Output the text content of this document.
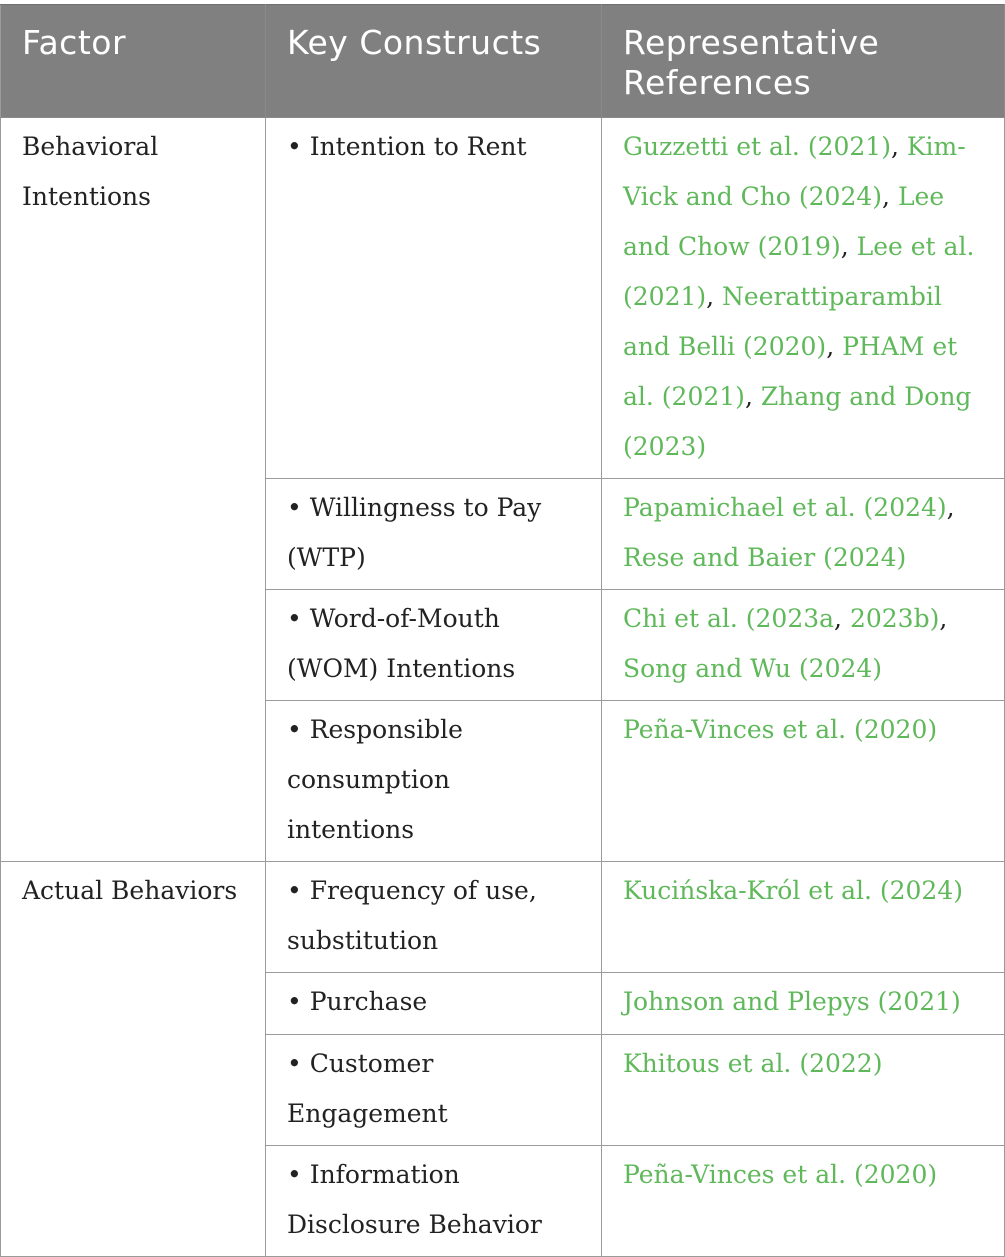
Factor	Key Constructs	Representative References
Behavioral Intentions	• Intention to Rent	Guzzetti et al. (2021), Kim-Vick and Cho (2024), Lee and Chow (2019), Lee et al. (2021), Neerattiparambil and Belli (2020), PHAM et al. (2021), Zhang and Dong (2023)
	• Willingness to Pay (WTP)	Papamichael et al. (2024), Rese and Baier (2024)
	• Word-of-Mouth (WOM) Intentions	Chi et al. (2023a, 2023b), Song and Wu (2024)
	• Responsible consumption intentions	Peña-Vinces et al. (2020)
Actual Behaviors	• Frequency of use, substitution	Kucińska-Król et al. (2024)
	• Purchase	Johnson and Plepys (2021)
	• Customer Engagement	Khitous et al. (2022)
	• Information Disclosure Behavior	Peña-Vinces et al. (2020)
